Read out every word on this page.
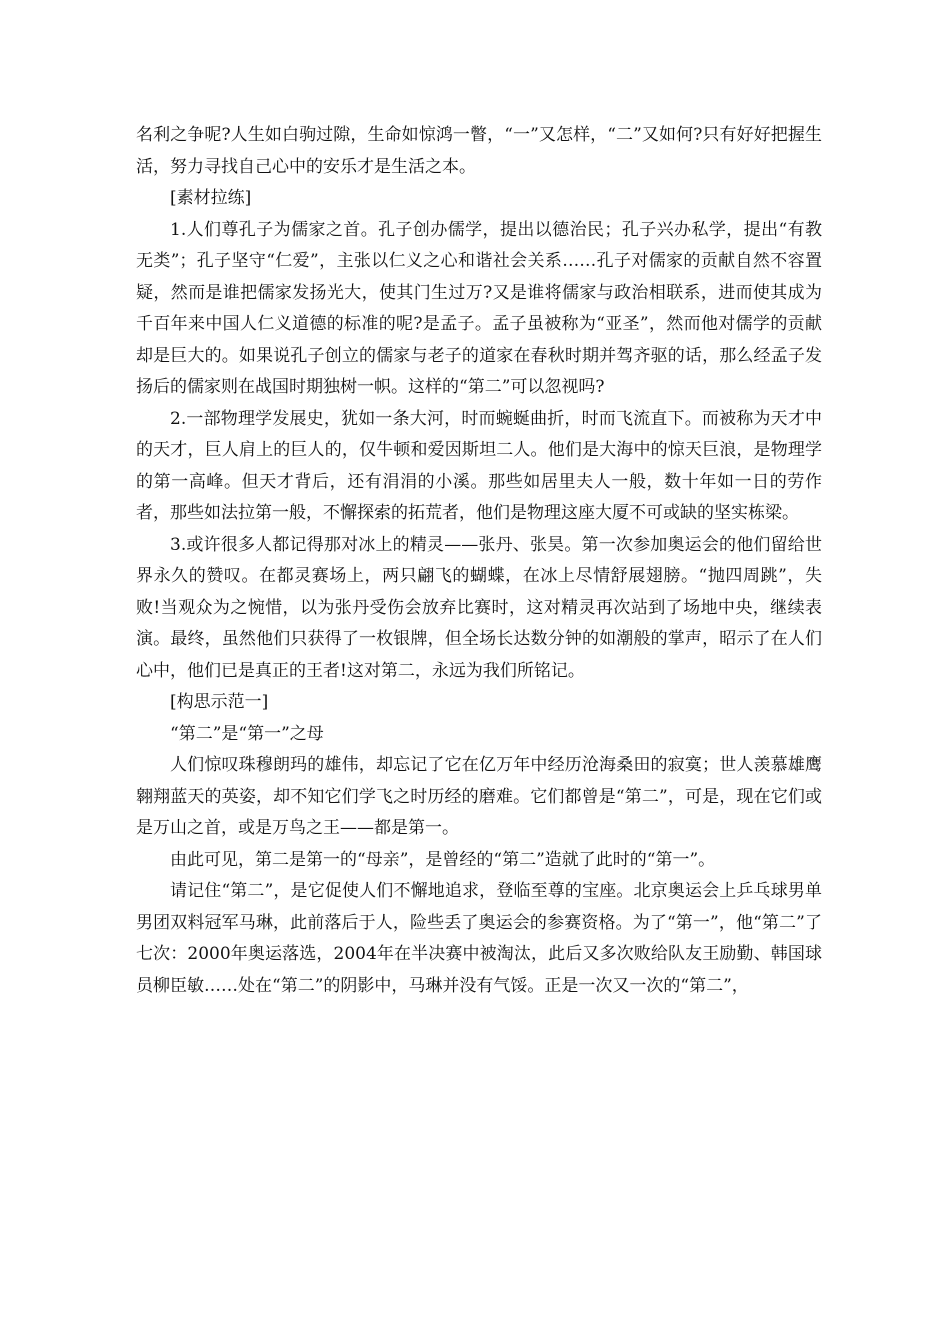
名利之争呢?人生如白驹过隙，生命如惊鸿一瞥，“一”又怎样，“二”又如何?只有好好把握生活，努力寻找自己心中的安乐才是生活之本。

[素材拉练]

1.人们尊孔子为儒家之首。孔子创办儒学，提出以德治民；孔子兴办私学，提出“有教无类”；孔子坚守“仁爱”，主张以仁义之心和谐社会关系……孔子对儒家的贡献自然不容置疑，然而是谁把儒家发扬光大，使其门生过万?又是谁将儒家与政治相联系，进而使其成为千百年来中国人仁义道德的标准的呢?是孟子。孟子虽被称为“亚圣”，然而他对儒学的贡献却是巨大的。如果说孔子创立的儒家与老子的道家在春秋时期并驾齐驱的话，那么经孟子发扬后的儒家则在战国时期独树一帜。这样的“第二”可以忽视吗?

2.一部物理学发展史，犹如一条大河，时而蜿蜒曲折，时而飞流直下。而被称为天才中的天才，巨人肩上的巨人的，仅牛顿和爱因斯坦二人。他们是大海中的惊天巨浪，是物理学的第一高峰。但天才背后，还有涓涓的小溪。那些如居里夫人一般，数十年如一日的劳作者，那些如法拉第一般，不懈探索的拓荒者，他们是物理这座大厦不可或缺的坚实栋梁。

3.或许很多人都记得那对冰上的精灵——张丹、张昊。第一次参加奥运会的他们留给世界永久的赞叹。在都灵赛场上，两只翩飞的蝴蝶，在冰上尽情舒展翅膀。“抛四周跳”，失败!当观众为之惋惜，以为张丹受伤会放弃比赛时，这对精灵再次站到了场地中央，继续表演。最终，虽然他们只获得了一枚银牌，但全场长达数分钟的如潮般的掌声，昭示了在人们心中，他们已是真正的王者!这对第二，永远为我们所铭记。

[构思示范一]

“第二”是“第一”之母

人们惊叹珠穆朗玛的雄伟，却忘记了它在亿万年中经历沧海桑田的寂寞；世人羡慕雄鹰翱翔蓝天的英姿，却不知它们学飞之时历经的磨难。它们都曾是“第二”，可是，现在它们或是万山之首，或是万鸟之王——都是第一。

由此可见，第二是第一的“母亲”，是曾经的“第二”造就了此时的“第一”。

请记住“第二”，是它促使人们不懈地追求，登临至尊的宝座。北京奥运会上乒乓球男单男团双料冠军马琳，此前落后于人，险些丢了奥运会的参赛资格。为了“第一”，他“第二”了七次：2000年奥运落选，2004年在半决赛中被淘汰，此后又多次败给队友王励勤、韩国球员柳臣敏……处在“第二”的阴影中，马琳并没有气馁。正是一次又一次的“第二”，
